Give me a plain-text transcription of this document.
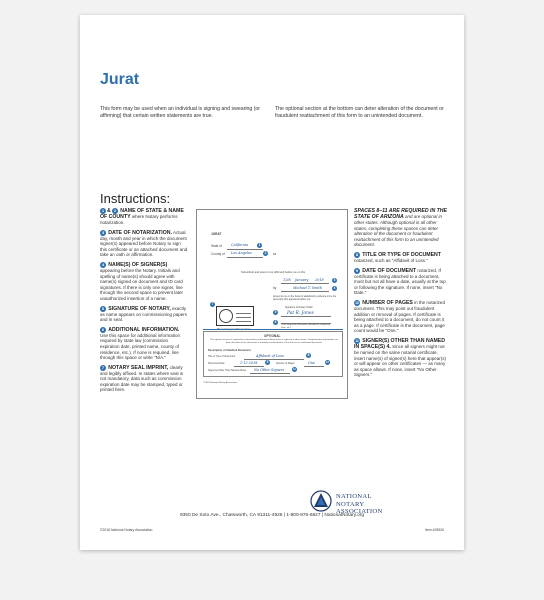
Jurat
This form may be used when an individual is signing and swearing (or affirming) that certain written statements are true.
The optional section at the bottom can deter alteration of the document or fraudulent reattachment of this form to an unintended document.
Instructions:
1 & 2 NAME OF STATE & NAME OF COUNTY where Notary performs notarization.
3 DATE OF NOTARIZATION. Actual day, month and year in which the document signer(s) appeared before Notary to sign this certificate or an attached document and take an oath or affirmation.
4 NAME(S) OF SIGNER(S) appearing before the Notary. Initials and spelling of name(s) should agree with name(s) signed on document and ID card signatures. If there is only one signer, line through the second space to prevent later unauthorized insertion of a name.
5 SIGNATURE OF NOTARY, exactly as name appears on commissioning papers and in seal.
6 ADDITIONAL INFORMATION. Use this space for additional information required by state law (commission expiration date, printed name, county of residence, etc.). If none is required, line through this space or write "N/A."
7 NOTARY SEAL IMPRINT, clearly and legibly affixed. In states where seal is not mandatory, data such as commission expiration date may be stamped, typed or printed here.
JURAT
State of	California	1
County of Los Angeles	2	ss
Subscribed and sworn to (or affirmed) before me on this
12th January 2018	3
by	Michael T. Smith	4
proved to me on the basis of satisfactory evidence to be the person(s) who appeared before me.
7
Pat R. Jones
Signature of Notary Public
5
Other Required Information (Residence, Expiration Date, etc.)
6
OPTIONAL
This optional section is required for notarizations performed in Arizona but is optional in other states. Completing this information can deter alteration of the document or fraudulent reattachment of this form to an unintended document.
Description of Attached Document
Title or Type of Document	Affidavit of Loss	8
Document Date	1-12-2018	9	Number of Pages	One	10
Signer(s) Other Than Named Above No Other Signers	11
©2018 National Notary Association
SPACES 8–11 ARE REQUIRED IN THE STATE OF ARIZONA and are optional in other states. Although optional in all other states, completing these spaces can deter alteration of the document or fraudulent reattachment of this form to an unintended document.
8 TITLE OR TYPE OF DOCUMENT notarized, such as "Affidavit of Loss."
9 DATE OF DOCUMENT notarized. If certificate is being attached to a document, most but not all have a date, usually at the top or following the signature. If none, insert "No Date."
10 NUMBER OF PAGES in the notarized document. This may point out fraudulent addition or removal of pages. If certificate is being attached to a document, do not count it as a page. If certificate is the document, page count would be "One."
11 SIGNER(S) OTHER THAN NAMED IN SPACE(S) 4. Since all signers might not be named on the same notarial certificate, insert name(s) of signer(s) here that appear(s) or will appear on other certificates — as many as space allows. If none, insert "No Other Signers."
NATIONAL
NOTARY
ASSOCIATION
9350 De Soto Ave., Chatsworth, CA 91311-4926 | 1-800-876-6827 | NationalNotary.org
©2018 National Notary Association	Item #25926
